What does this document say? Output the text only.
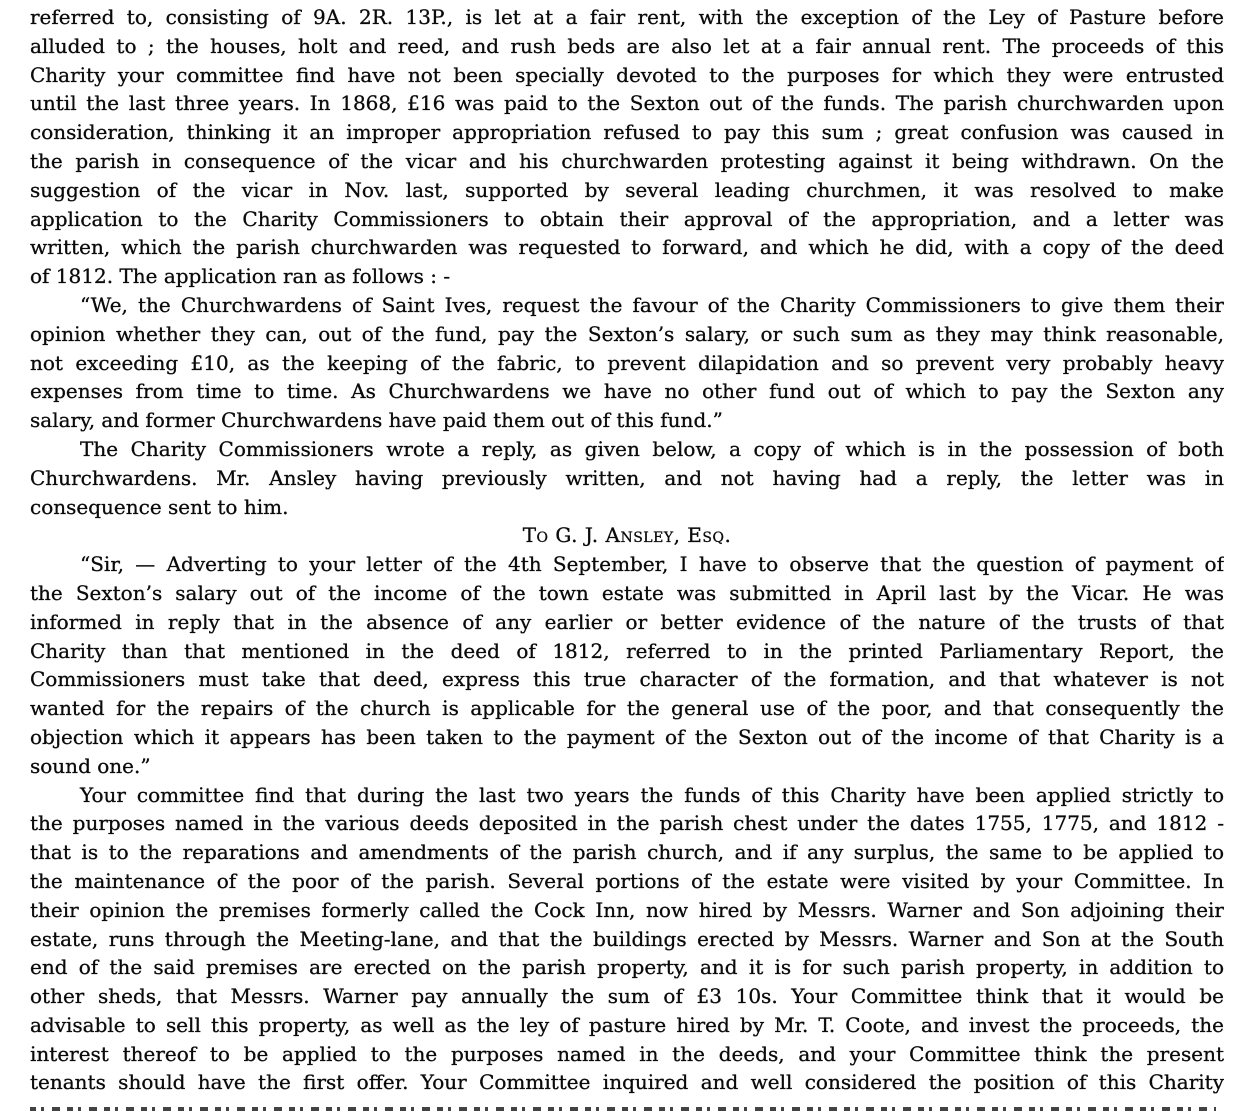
referred to, consisting of 9A. 2R. 13P., is let at a fair rent, with the exception of the Ley of Pasture before
alluded to ; the houses, holt and reed, and rush beds are also let at a fair annual rent. The proceeds of this
Charity your committee find have not been specially devoted to the purposes for which they were entrusted
until the last three years. In 1868, £16 was paid to the Sexton out of the funds. The parish churchwarden upon
consideration, thinking it an improper appropriation refused to pay this sum ; great confusion was caused in
the parish in consequence of the vicar and his churchwarden protesting against it being withdrawn. On the
suggestion of the vicar in Nov. last, supported by several leading churchmen, it was resolved to make
application to the Charity Commissioners to obtain their approval of the appropriation, and a letter was
written, which the parish churchwarden was requested to forward, and which he did, with a copy of the deed
of 1812. The application ran as follows : -
“We, the Churchwardens of Saint Ives, request the favour of the Charity Commissioners to give them their
opinion whether they can, out of the fund, pay the Sexton’s salary, or such sum as they may think reasonable,
not exceeding £10, as the keeping of the fabric, to prevent dilapidation and so prevent very probably heavy
expenses from time to time. As Churchwardens we have no other fund out of which to pay the Sexton any
salary, and former Churchwardens have paid them out of this fund.”
The Charity Commissioners wrote a reply, as given below, a copy of which is in the possession of both
Churchwardens. Mr. Ansley having previously written, and not having had a reply, the letter was in
consequence sent to him.
To G. J. Ansley, Esq.
“Sir, — Adverting to your letter of the 4th September, I have to observe that the question of payment of
the Sexton’s salary out of the income of the town estate was submitted in April last by the Vicar. He was
informed in reply that in the absence of any earlier or better evidence of the nature of the trusts of that
Charity than that mentioned in the deed of 1812, referred to in the printed Parliamentary Report, the
Commissioners must take that deed, express this true character of the formation, and that whatever is not
wanted for the repairs of the church is applicable for the general use of the poor, and that consequently the
objection which it appears has been taken to the payment of the Sexton out of the income of that Charity is a
sound one.”
Your committee find that during the last two years the funds of this Charity have been applied strictly to
the purposes named in the various deeds deposited in the parish chest under the dates 1755, 1775, and 1812 -
that is to the reparations and amendments of the parish church, and if any surplus, the same to be applied to
the maintenance of the poor of the parish. Several portions of the estate were visited by your Committee. In
their opinion the premises formerly called the Cock Inn, now hired by Messrs. Warner and Son adjoining their
estate, runs through the Meeting-lane, and that the buildings erected by Messrs. Warner and Son at the South
end of the said premises are erected on the parish property, and it is for such parish property, in addition to
other sheds, that Messrs. Warner pay annually the sum of £3 10s. Your Committee think that it would be
advisable to sell this property, as well as the ley of pasture hired by Mr. T. Coote, and invest the proceeds, the
interest thereof to be applied to the purposes named in the deeds, and your Committee think the present
tenants should have the first offer. Your Committee inquired and well considered the position of this Charity
